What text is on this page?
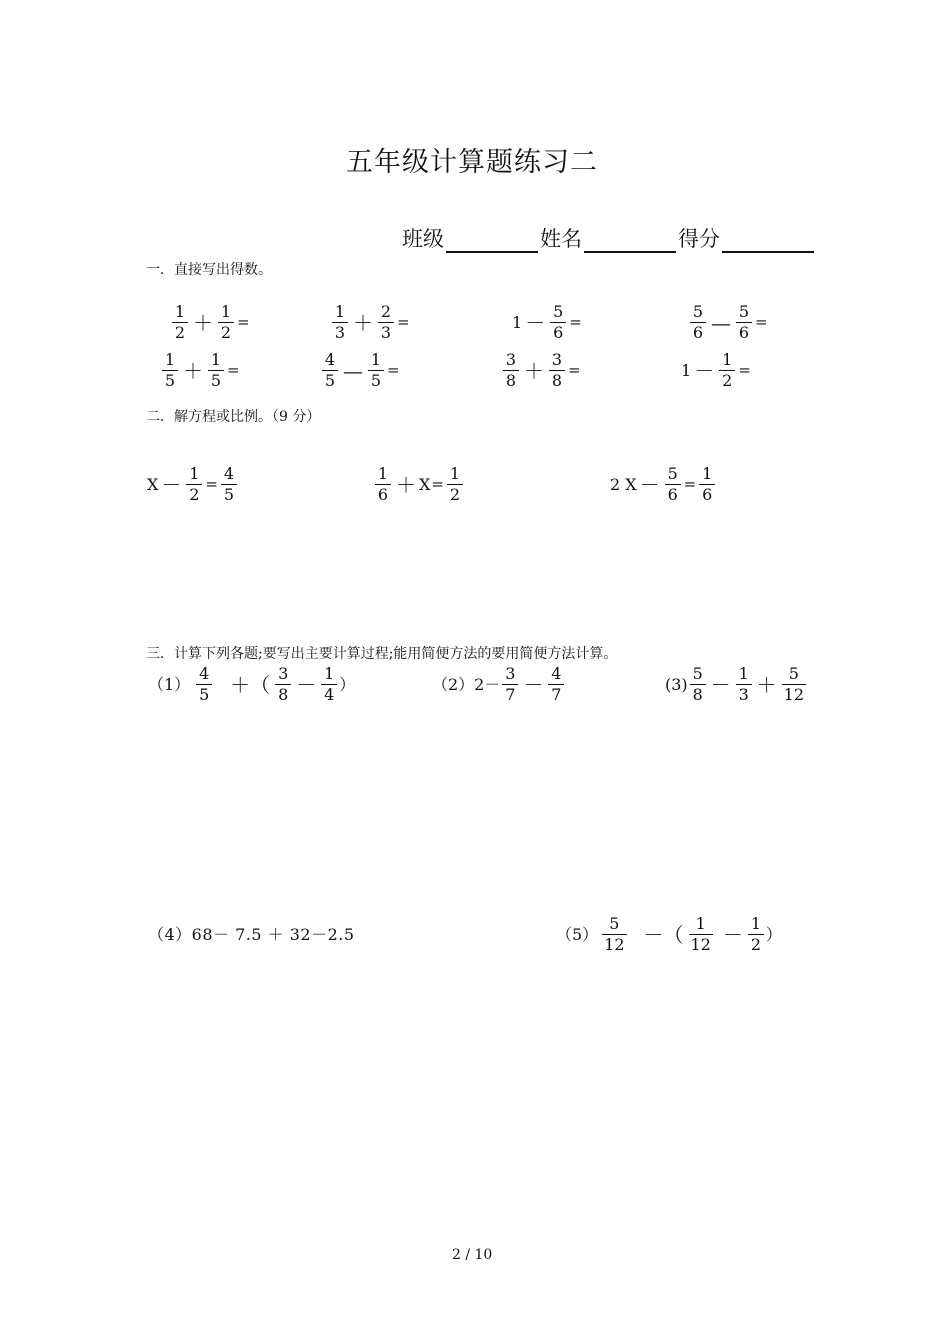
五年级计算题练习二
班级	姓名	得分
一．直接写出得数。
$\frac{1}{2} + \frac{1}{2}$ =	$\frac{1}{3} + \frac{2}{3}$ =	$1 - \frac{5}{6}$ =	$\frac{5}{6}$ — $\frac{5}{6}$ =
$\frac{1}{5} + \frac{1}{5}$ =	$\frac{4}{5}$ — $\frac{1}{5}$ =	$\frac{3}{8} + \frac{3}{8}$ =	$1 - \frac{1}{2}$ =
二．解方程或比例。（9 分）
$X - \frac{1}{2} = \frac{4}{5}$	$\frac{1}{6} + X = \frac{1}{2}$	2 $X - \frac{5}{6} = \frac{1}{6}$
三．计算下列各题;要写出主要计算过程;能用简便方法的要用简便方法计算。
$(1) \frac{4}{5}$ ＋（ $\frac{3}{8} - \frac{1}{4}$ ）	$(2)2- \frac{3}{7} - \frac{4}{7}$	$(3) \frac{5}{8} - \frac{1}{3} + \frac{5}{12}$
（4）68－ 7.5 ＋ 32－2.5	$(5) \frac{5}{12}$ －（ $\frac{1}{12} - \frac{1}{2}$ ）
2 / 10
